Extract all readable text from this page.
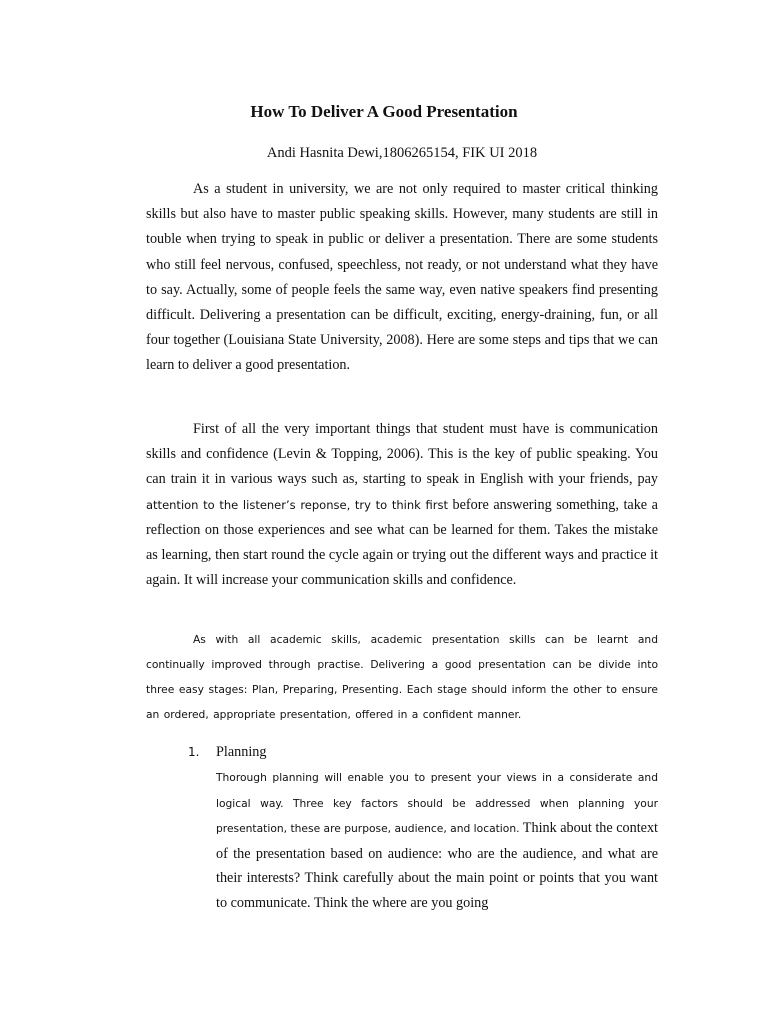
How To Deliver A Good Presentation
Andi Hasnita Dewi,1806265154, FIK UI 2018

As a student in university, we are not only required to master critical thinking skills but also have to master public speaking skills. However, many students are still in touble when trying to speak in public or deliver a presentation. There are some students who still feel nervous, confused, speechless, not ready, or not understand what they have to say. Actually, some of people feels the same way, even native speakers find presenting difficult. Delivering a presentation can be difficult, exciting, energy-draining, fun, or all four together (Louisiana State University, 2008). Here are some steps and tips that we can learn to deliver a good presentation.

First of all the very important things that student must have is communication skills and confidence (Levin & Topping, 2006). This is the key of public speaking. You can train it in various ways such as, starting to speak in English with your friends, pay attention to the listener’s reponse, try to think first before answering something, take a reflection on those experiences and see what can be learned for them. Takes the mistake as learning, then start round the cycle again or trying out the different ways and practice it again. It will increase your communication skills and confidence.

As with all academic skills, academic presentation skills can be learnt and continually improved through practise. Delivering a good presentation can be divide into three easy stages: Plan, Preparing, Presenting. Each stage should inform the other to ensure an ordered, appropriate presentation, offered in a confident manner.

1. Planning

Thorough planning will enable you to present your views in a considerate and logical way. Three key factors should be addressed when planning your presentation, these are purpose, audience, and location. Think about the context of the presentation based on audience: who are the audience, and what are their interests? Think carefully about the main point or points that you want to communicate. Think the where are you going
